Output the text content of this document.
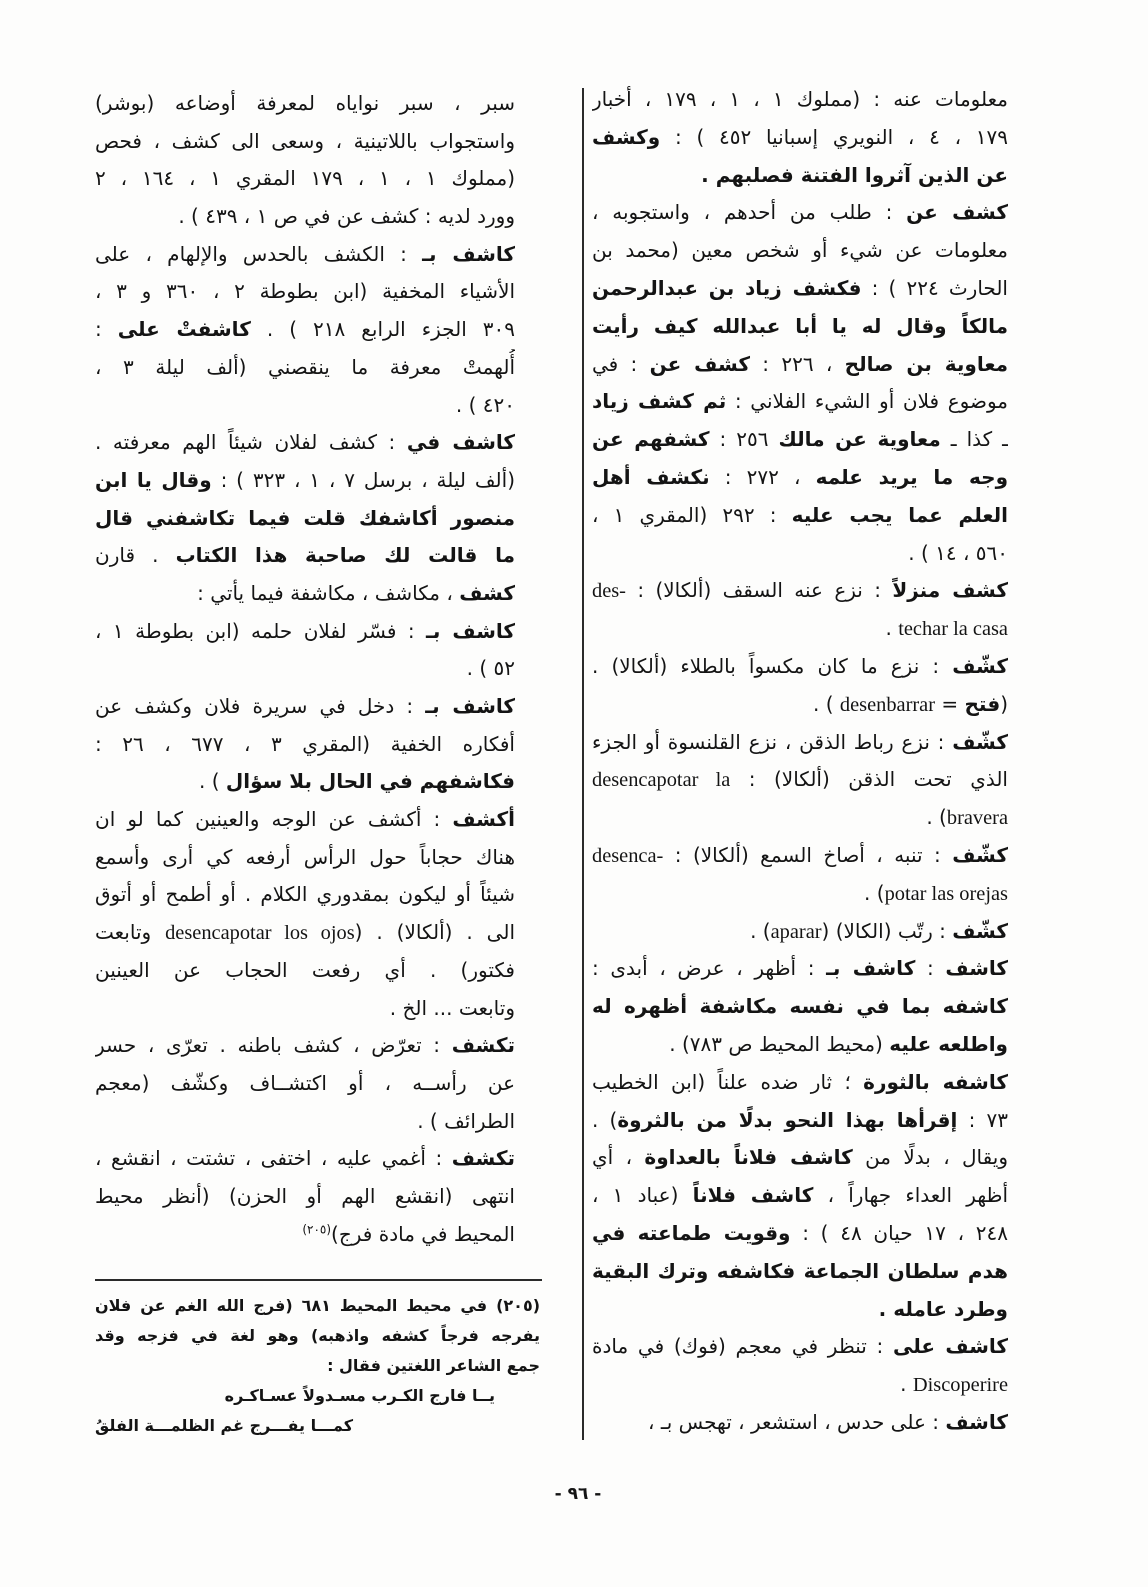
معلومات عنه : (مملوك ١ ، ١ ، ١٧٩ ، أخبار
١٧٩ ، ٤ ، النويري إسبانيا ٤٥٢ ) : وكشف
عن الذين آثروا الفتنة فصلبهم .
كشف عن : طلب من أحدهم ، واستجوبه ،
معلومات عن شيء أو شخص معين (محمد بن
الحارث ٢٢٤ ) : فكشف زياد بن عبدالرحمن
مالكاً وقال له يا أبا عبدالله كيف رأيت
معاوية بن صالح ، ٢٢٦ : كشف عن : في
موضوع فلان أو الشيء الفلاني : ثم كشف زياد
ـ كذا ـ معاوية عن مالك ٢٥٦ : كشفهم عن
وجه ما يريد علمه ، ٢٧٢ : نكشف أهل
العلم عما يجب عليه : ٢٩٢ (المقري ١ ،
٥٦٠ ، ١٤ ) .
كشف منزلاً : نزع عنه السقف (ألكالا) : des-
techar la casa .
كشّف : نزع ما كان مكسواً بالطلاء (ألكالا) .
(فتح = desenbarrar ) .
كشّف : نزع رباط الذقن ، نزع القلنسوة أو الجزء
الذي تحت الذقن (ألكالا) : desencapotar la
bravera) .
كشّف : تنبه ، أصاخ السمع (ألكالا) : desenca-
potar las orejas) .
كشّف : رتّب (الكالا) (aparar) .
كاشف : كاشف بـ : أظهر ، عرض ، أبدى :
كاشفه بما في نفسه مكاشفة أظهره له
واطلعه عليه (محيط المحيط ص ٧٨٣) .
كاشفه بالثورة ؛ ثار ضده علناً (ابن الخطيب
٧٣ : إقرأها بهذا النحو بدلًا من بالثروة) .
ويقال ، بدلًا من كاشف فلاناً بالعداوة ، أي
أظهر العداء جهاراً ، كاشف فلاناً (عباد ١ ،
٢٤٨ ، ١٧ حيان ٤٨ ) : وقويت طماعته في
هدم سلطان الجماعة فكاشفه وترك البقية
وطرد عامله .
كاشف على : تنظر في معجم (فوك) في مادة
Discoperire .
كاشف : على حدس ، استشعر ، تهجس بـ ،
سبر ، سبر نواياه لمعرفة أوضاعه (بوشر)
واستجواب باللاتينية ، وسعى الى كشف ، فحص
(مملوك ١ ، ١ ، ١٧٩ المقري ١ ، ١٦٤ ، ٢
وورد لديه : كشف عن في ص ١ ، ٤٣٩ ) .
كاشف بـ : الكشف بالحدس والإلهام ، على
الأشياء المخفية (ابن بطوطة ٢ ، ٣٦٠ و ٣ ،
٣٠٩ الجزء الرابع ٢١٨ ) . كاشفتْ على :
أُلهمتْ معرفة ما ينقصني (ألف ليلة ٣ ،
٤٢٠ ) .
كاشف في : كشف لفلان شيئاً الهم معرفته .
(ألف ليلة ، برسل ٧ ، ١ ، ٣٢٣ ) : وقال يا ابن
منصور أكاشفك قلت فيما تكاشفني قال
ما قالت لك صاحبة هذا الكتاب . قارن
كشف ، مكاشف ، مكاشفة فيما يأتي :
كاشف بـ : فسّر لفلان حلمه (ابن بطوطة ١ ،
٥٢ ) .
كاشف بـ : دخل في سريرة فلان وكشف عن
أفكاره الخفية (المقري ٣ ، ٦٧٧ ، ٢٦ :
فكاشفهم في الحال بلا سؤال ) .
أكشف : أكشف عن الوجه والعينين كما لو ان
هناك حجاباً حول الرأس أرفعه كي أرى وأسمع
شيئاً أو ليكون بمقدوري الكلام . أو أطمح أو أتوق
الى . (ألكالا) . (desencapotar los ojos وتابعت
فكتور) . أي رفعت الحجاب عن العينين
وتابعت ... الخ .
تكشف : تعرّض ، كشف باطنه . تعرّى ، حسر
عن رأســه ، أو اكتشــاف وكشّف (معجم
الطرائف ) .
تكشف : أغمي عليه ، اختفى ، تشتت ، انقشع ،
انتهى (انقشع الهم أو الحزن) (أنظر محيط
المحيط في مادة فرج)$^{(٢٠٥)}$
(٢٠٥) في محيط المحيط ٦٨١ (فرج الله الغم عن فلان
يفرجه فرجاً كشفه واذهبه) وهو لغة في فزجه وقد
جمع الشاعر اللغتين فقال :
يــا فارج الكـرب مسـدولاً عسـاكـره
كمـــا يفـــرج غم الظلمـــة الفلقُ
- ٩٦ -
